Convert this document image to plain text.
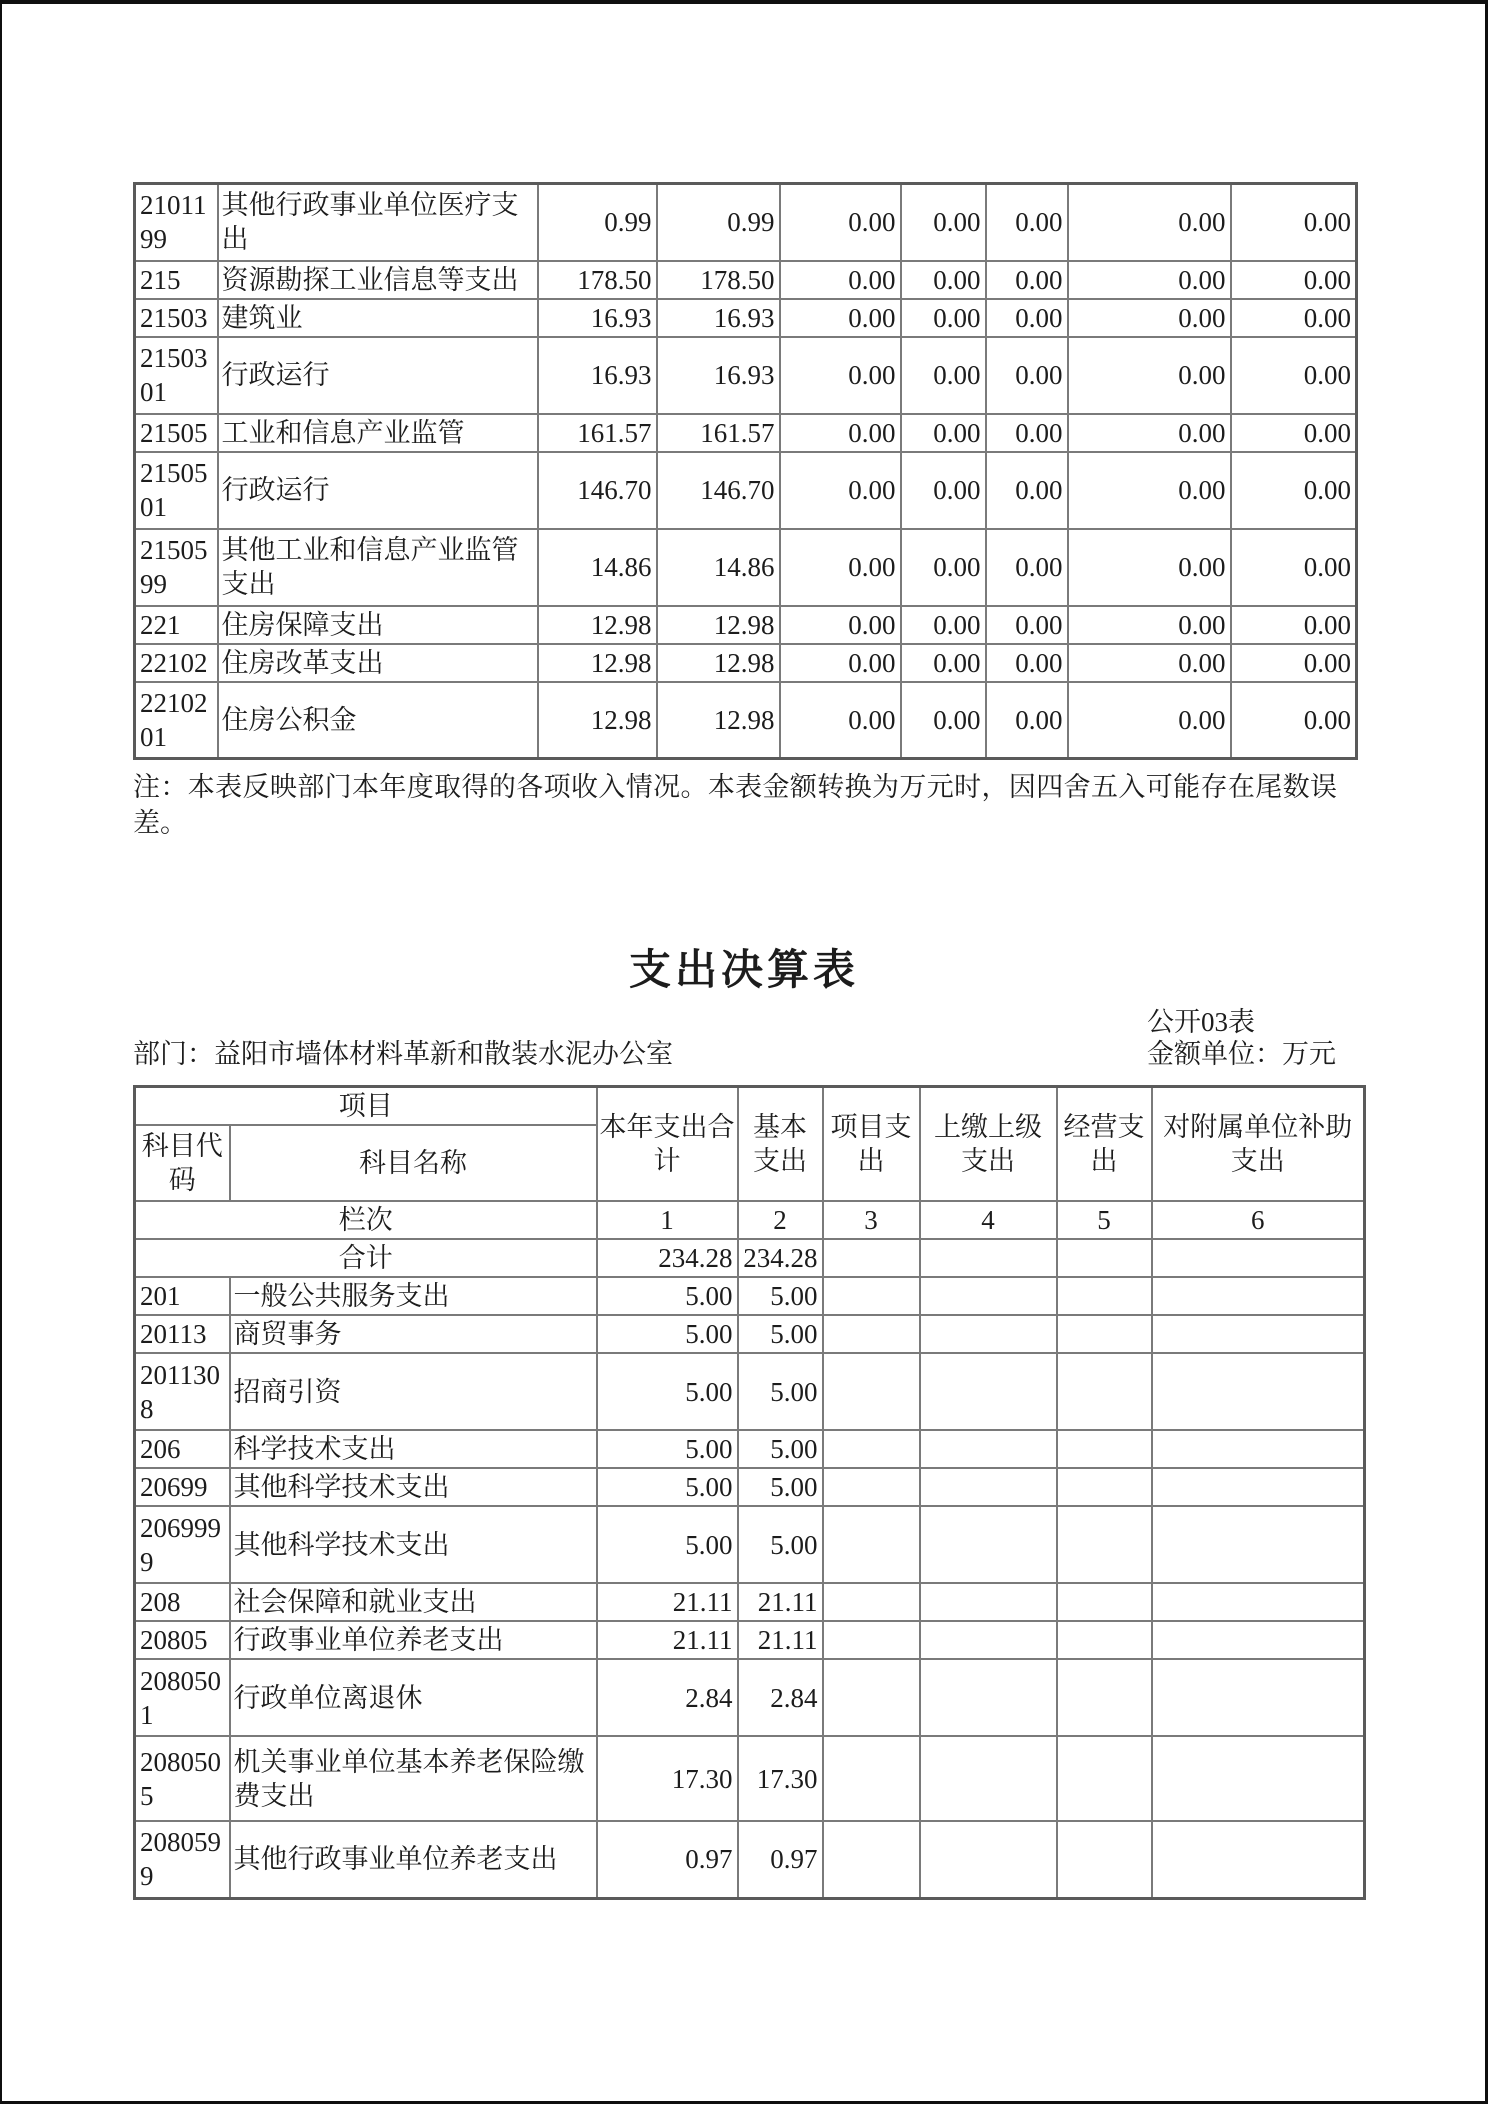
2101199	其他行政事业单位医疗支出	0.99	0.99	0.00	0.00	0.00	0.00	0.00
215	资源勘探工业信息等支出	178.50	178.50	0.00	0.00	0.00	0.00	0.00
21503	建筑业	16.93	16.93	0.00	0.00	0.00	0.00	0.00
2150301	行政运行	16.93	16.93	0.00	0.00	0.00	0.00	0.00
21505	工业和信息产业监管	161.57	161.57	0.00	0.00	0.00	0.00	0.00
2150501	行政运行	146.70	146.70	0.00	0.00	0.00	0.00	0.00
2150599	其他工业和信息产业监管支出	14.86	14.86	0.00	0.00	0.00	0.00	0.00
221	住房保障支出	12.98	12.98	0.00	0.00	0.00	0.00	0.00
22102	住房改革支出	12.98	12.98	0.00	0.00	0.00	0.00	0.00
2210201	住房公积金	12.98	12.98	0.00	0.00	0.00	0.00	0.00
注：本表反映部门本年度取得的各项收入情况。本表金额转换为万元时，因四舍五入可能存在尾数误差。
支出决算表
公开03表
部门：益阳市墙体材料革新和散装水泥办公室	金额单位：万元
项目		本年支出合计	基本支出	项目支出	上缴上级支出	经营支出	对附属单位补助支出
科目代码	科目名称						
栏次		1	2	3	4	5	6
合计		234.28	234.28				
201	一般公共服务支出	5.00	5.00				
20113	商贸事务	5.00	5.00				
2011308	招商引资	5.00	5.00				
206	科学技术支出	5.00	5.00				
20699	其他科学技术支出	5.00	5.00				
2069999	其他科学技术支出	5.00	5.00				
208	社会保障和就业支出	21.11	21.11				
20805	行政事业单位养老支出	21.11	21.11				
2080501	行政单位离退休	2.84	2.84				
2080505	机关事业单位基本养老保险缴费支出	17.30	17.30				
2080599	其他行政事业单位养老支出	0.97	0.97				
